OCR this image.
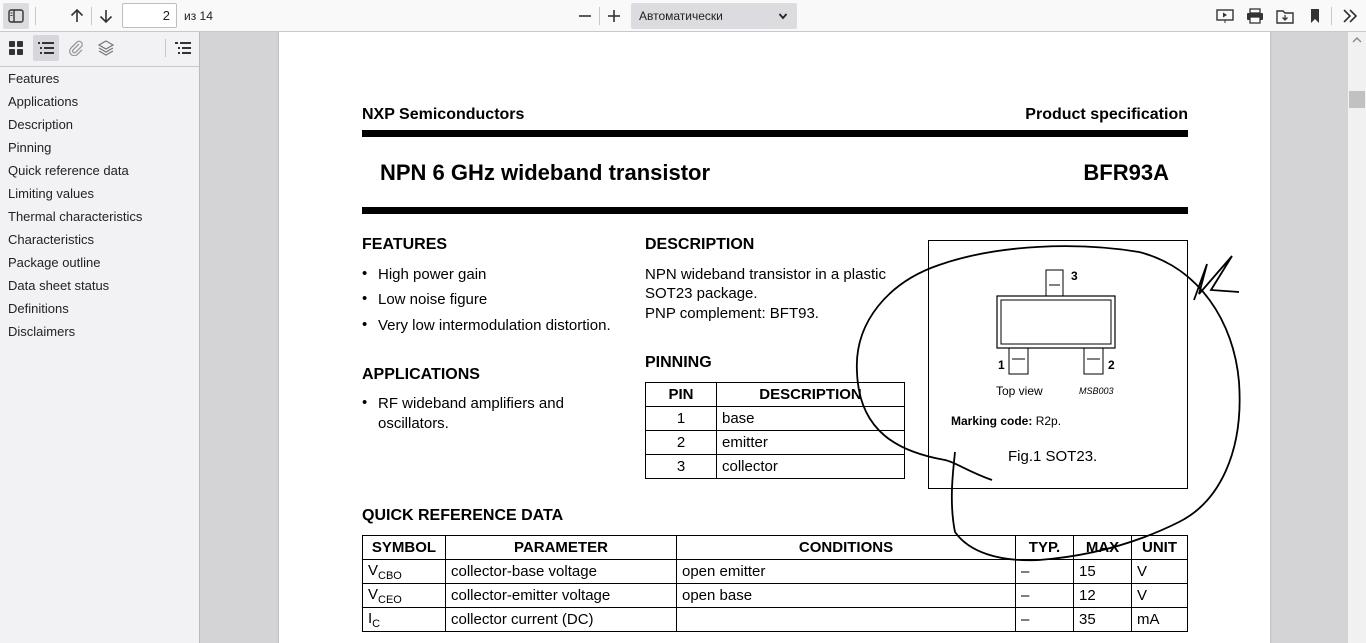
2	из 14	Автоматически
Features
Applications
Description
Pinning
Quick reference data
Limiting values
Thermal characteristics
Characteristics
Package outline
Data sheet status
Definitions
Disclaimers
NXP Semiconductors	Product specification
NPN 6 GHz wideband transistor	BFR93A
FEATURES
• High power gain
• Low noise figure
• Very low intermodulation distortion.
APPLICATIONS
• RF wideband amplifiers and
oscillators.
DESCRIPTION
NPN wideband transistor in a plastic
SOT23 package.
PNP complement: BFT93.
PINNING
PIN	DESCRIPTION
1	base
2	emitter
3	collector
3
1	2
Top view	MSB003
Marking code: R2p.
Fig.1 SOT23.
QUICK REFERENCE DATA
SYMBOL	PARAMETER	CONDITIONS	TYP.	MAX	UNIT
$V_{CBO}$	collector-base voltage	open emitter	–	15	V
$V_{CEO}$	collector-emitter voltage	open base	–	12	V
$I_C$	collector current (DC)		–	35	mA
